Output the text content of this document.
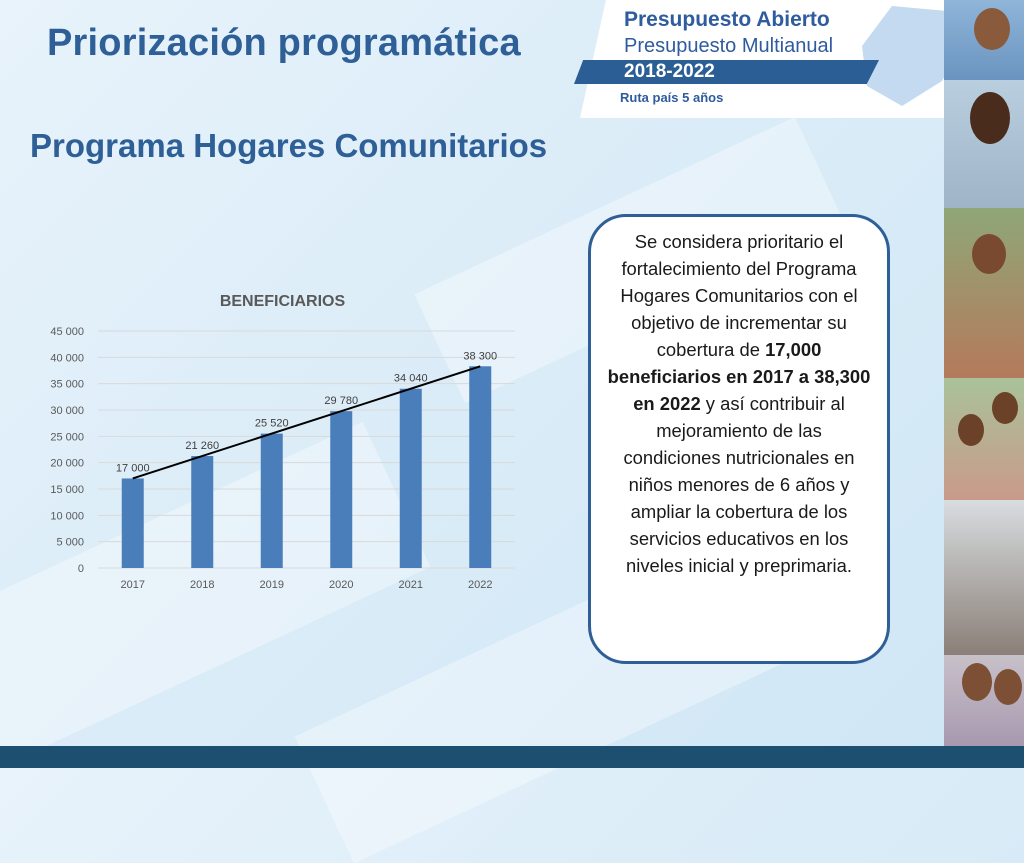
Priorización programática
Presupuesto Abierto
Presupuesto Multianual
2018-2022
Ruta país 5 años
Programa Hogares Comunitarios
BENEFICIARIOS
0
5 000
10 000
15 000
20 000
25 000
30 000
35 000
40 000
45 000
17 000
2017
21 260
2018
25 520
2019
29 780
2020
34 040
2021
38 300
2022
Se considera prioritario el fortalecimiento del Programa Hogares Comunitarios con el objetivo de incrementar su cobertura de 17,000 beneficiarios en 2017 a 38,300 en 2022 y así contribuir al mejoramiento de las condiciones nutricionales en niños menores de 6 años y ampliar la cobertura de los servicios educativos en los niveles inicial y preprimaria.
